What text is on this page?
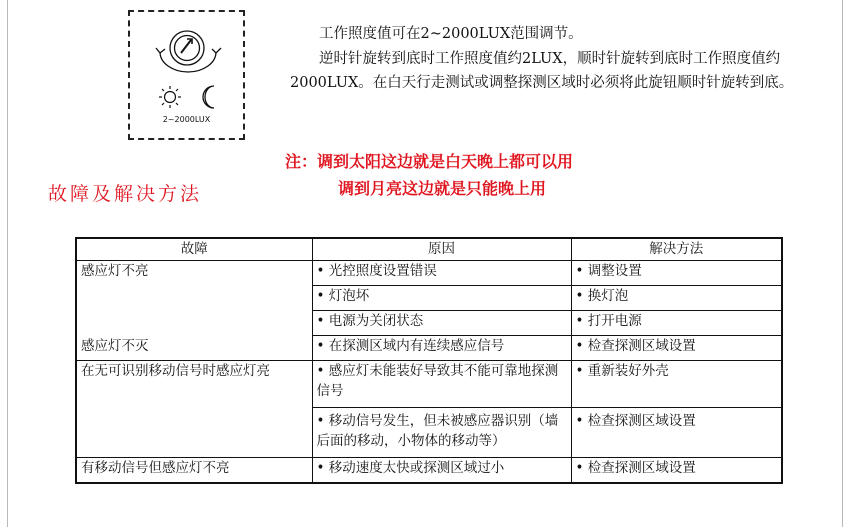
2~2000LUX

工作照度值可在2~2000LUX范围调节。

逆时针旋转到底时工作照度值约2LUX，顺时针旋转到底时工作照度值约2000LUX。在白天行走测试或调整探测区域时必须将此旋钮顺时针旋转到底。

注：调到太阳这边就是白天晚上都可以用
调到月亮这边就是只能晚上用
故障及解决方法
故障	原因	解决方法
感应灯不亮	• 光控照度设置错误	• 调整设置
	• 灯泡坏	• 换灯泡
	• 电源为关闭状态	• 打开电源
感应灯不灭	• 在探测区域内有连续感应信号	• 检查探测区域设置
在无可识别移动信号时感应灯亮	• 感应灯未能装好导致其不能可靠地探测信号	• 重新装好外壳
	• 移动信号发生，但未被感应器识别（墙后面的移动，小物体的移动等）	• 检查探测区域设置
有移动信号但感应灯不亮	• 移动速度太快或探测区域过小	• 检查探测区域设置
